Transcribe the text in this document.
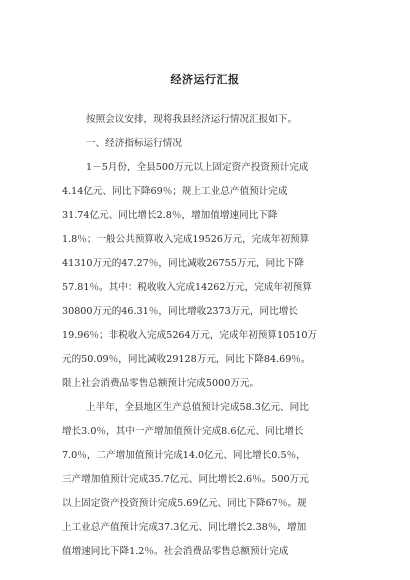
经济运行汇报

按照会议安排，现将我县经济运行情况汇报如下。

一、经济指标运行情况

1－5月份，全县500万元以上固定资产投资预计完成

4.14亿元、同比下降69％；规上工业总产值预计完成

31.74亿元、同比增长2.8％，增加值增速同比下降

1.8％；一般公共预算收入完成19526万元，完成年初预算

41310万元的47.27％，同比减收26755万元，同比下降

57.81％。其中：税收收入完成14262万元，完成年初预算

30800万元的46.31％，同比增收2373万元，同比增长

19.96％；非税收入完成5264万元，完成年初预算10510万

元的50.09％，同比减收29128万元，同比下降84.69％。

限上社会消费品零售总额预计完成5000万元。

上半年，全县地区生产总值预计完成58.3亿元、同比

增长3.0％，其中一产增加值预计完成8.6亿元、同比增长

7.0％，二产增加值预计完成14.0亿元、同比增长0.5％，

三产增加值预计完成35.7亿元、同比增长2.6％。500万元

以上固定资产投资预计完成5.69亿元、同比下降67％。规

上工业总产值预计完成37.3亿元、同比增长2.38％，增加

值增速同比下降1.2％。社会消费品零售总额预计完成
